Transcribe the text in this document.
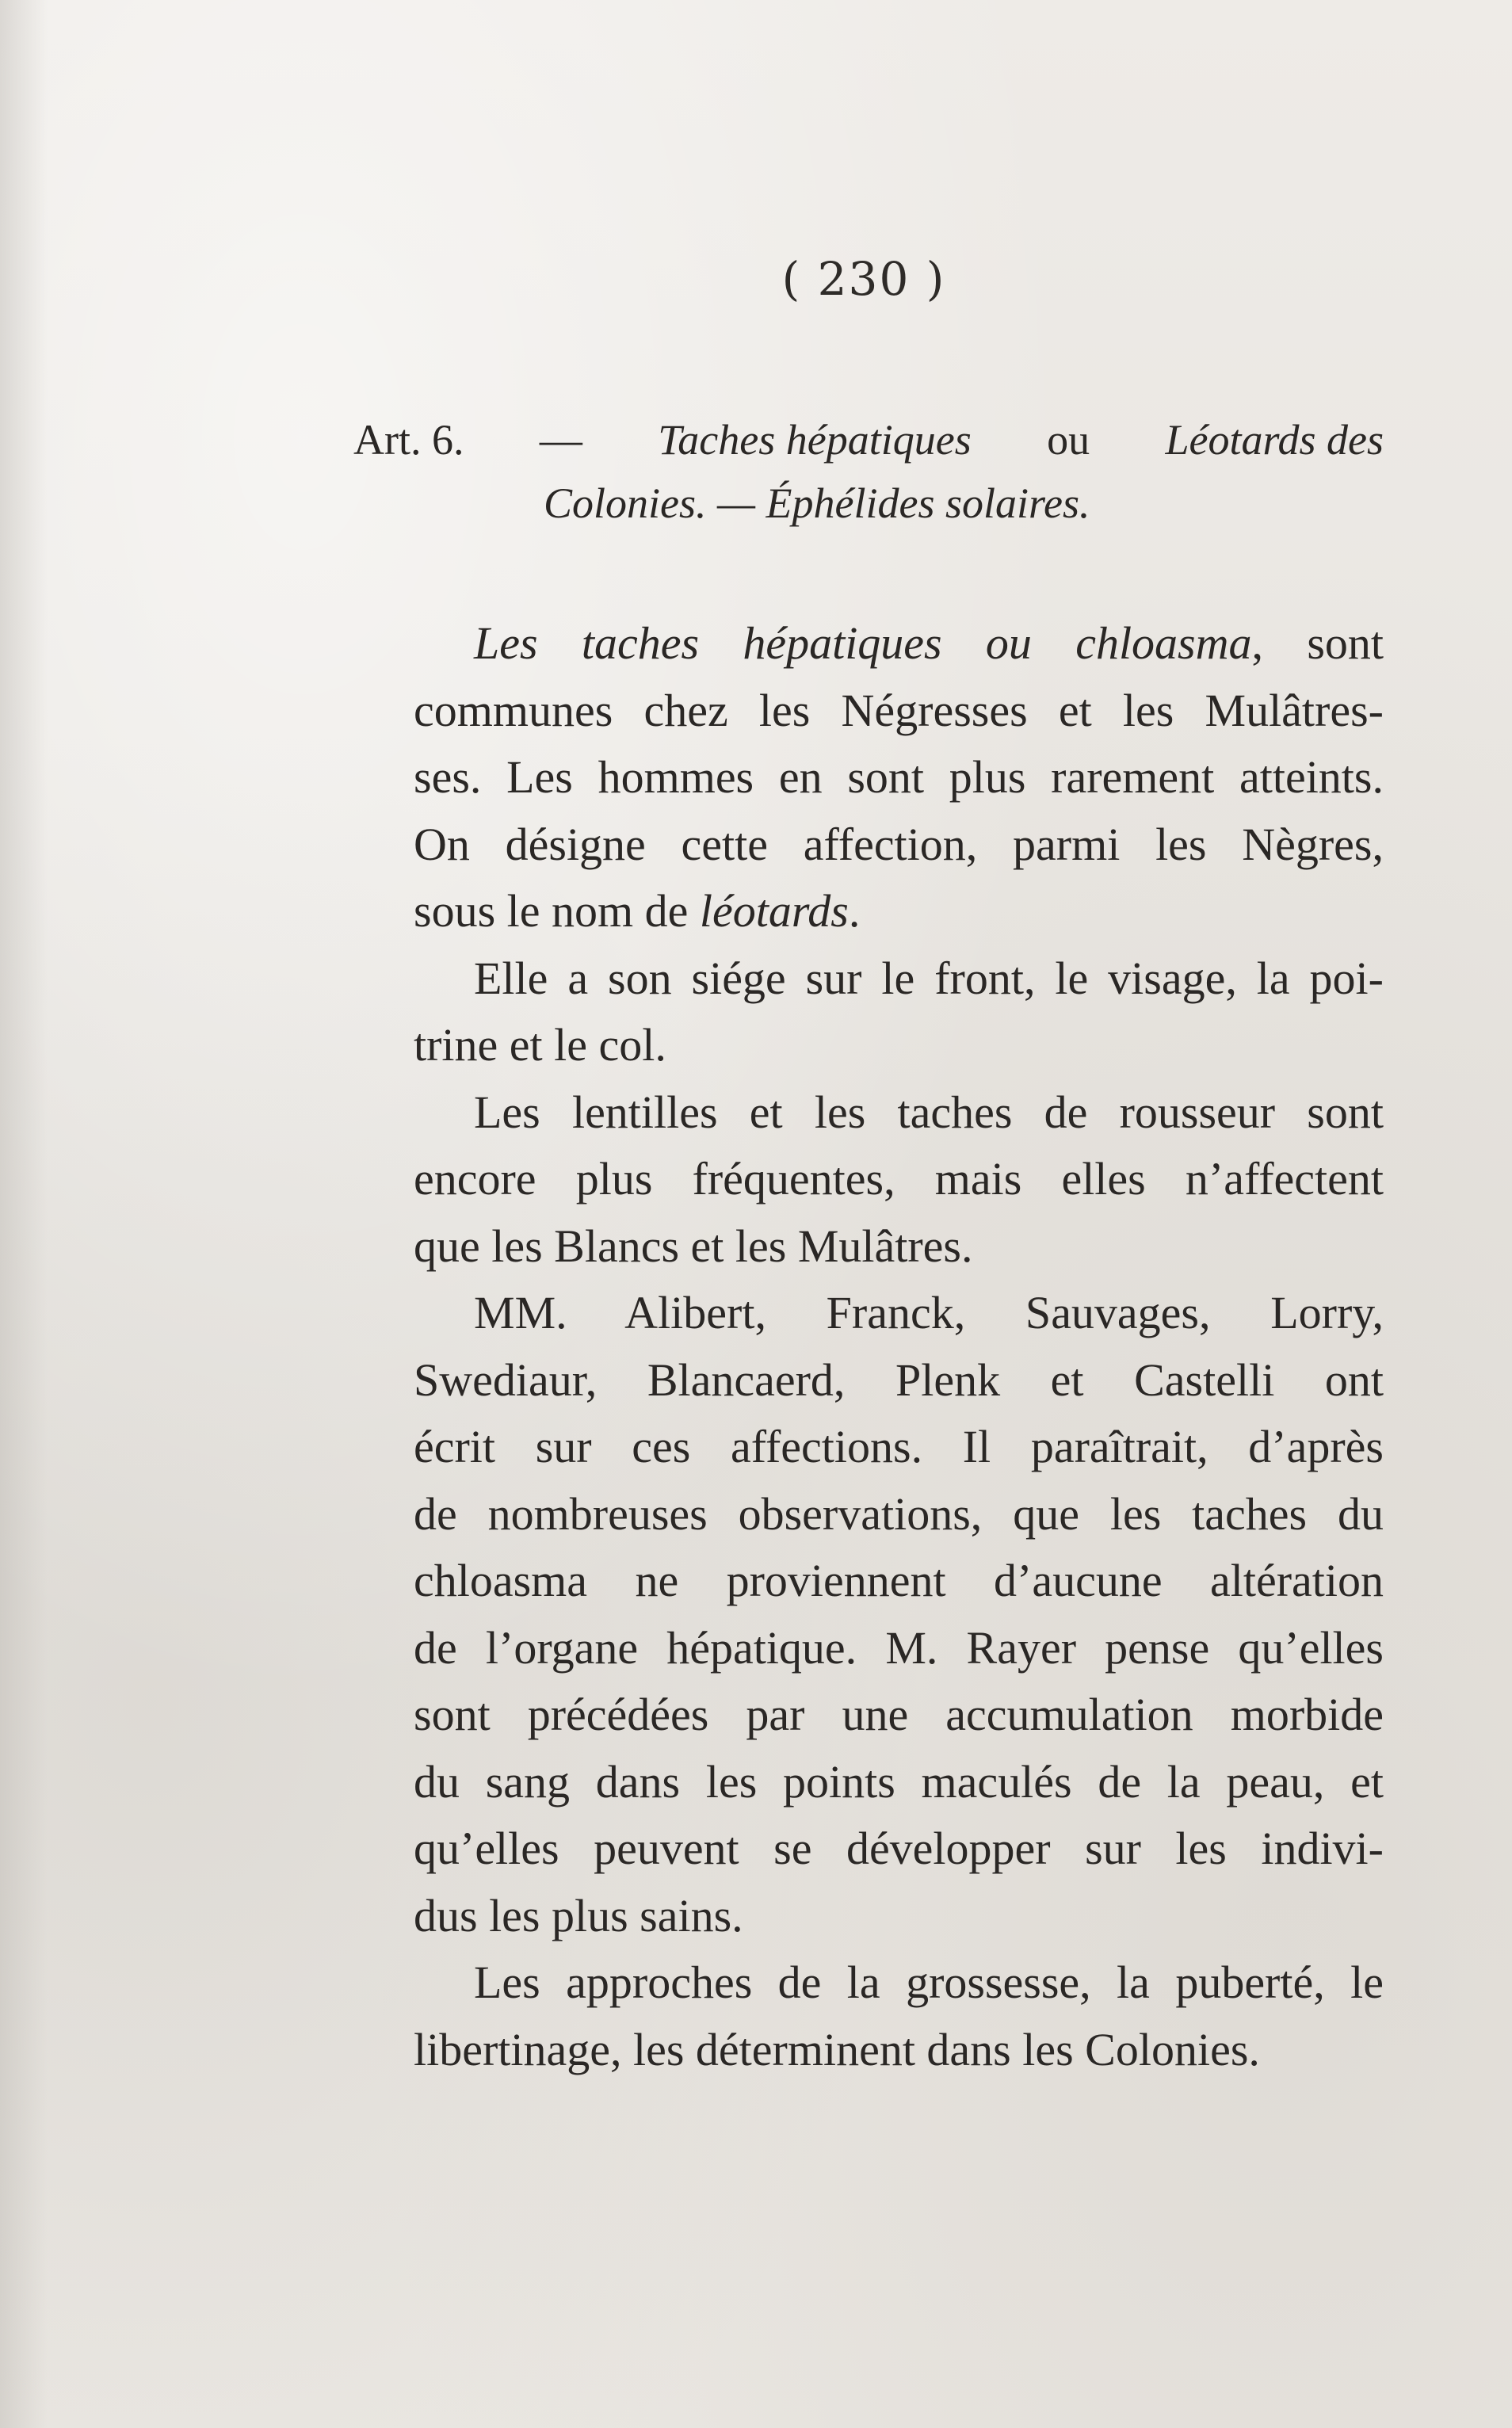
( 230 )
Art. 6. — Taches hépatiques ou Léotards des
Colonies. — Éphélides solaires.
Les taches hépatiques ou chloasma, sont
communes chez les Négresses et les Mulâtres-
ses. Les hommes en sont plus rarement atteints.
On désigne cette affection, parmi les Nègres,
sous le nom de léotards.
Elle a son siége sur le front, le visage, la poi-
trine et le col.
Les lentilles et les taches de rousseur sont
encore plus fréquentes, mais elles n’affectent
que les Blancs et les Mulâtres.
MM. Alibert, Franck, Sauvages, Lorry,
Swediaur, Blancaerd, Plenk et Castelli ont
écrit sur ces affections. Il paraîtrait, d’après
de nombreuses observations, que les taches du
chloasma ne proviennent d’aucune altération
de l’organe hépatique. M. Rayer pense qu’elles
sont précédées par une accumulation morbide
du sang dans les points maculés de la peau, et
qu’elles peuvent se développer sur les indivi-
dus les plus sains.
Les approches de la grossesse, la puberté, le
libertinage, les déterminent dans les Colonies.
